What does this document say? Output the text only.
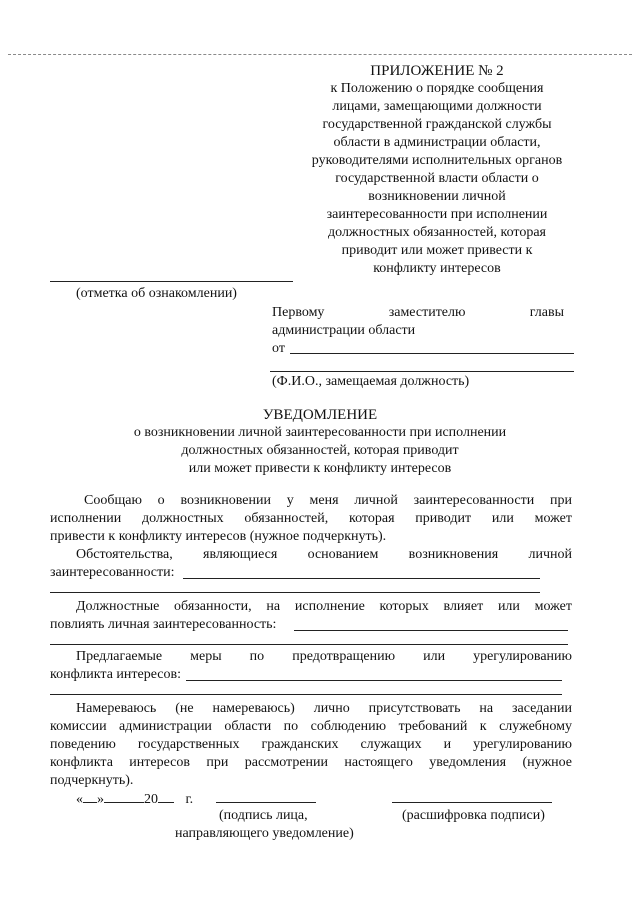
ПРИЛОЖЕНИЕ № 2
к Положению о порядке сообщения
лицами, замещающими должности
государственной гражданской службы
области в администрации области,
руководителями исполнительных органов
государственной власти области о
возникновении личной
заинтересованности при исполнении
должностных обязанностей, которая
приводит или может привести к
конфликту интересов
(отметка об ознакомлении)
Первому	заместителю	главы
администрации области
от
(Ф.И.О., замещаемая должность)
УВЕДОМЛЕНИЕ
о возникновении личной заинтересованности при исполнении
должностных обязанностей, которая приводит
или может привести к конфликту интересов
Сообщаю о возникновении у меня личной заинтересованности при
исполнении должностных обязанностей, которая приводит или может
привести к конфликту интересов (нужное подчеркнуть).
Обстоятельства, являющиеся основанием возникновения личной
заинтересованности:
Должностные обязанности, на исполнение которых влияет или может
повлиять личная заинтересованность:
Предлагаемые меры по предотвращению или урегулированию
конфликта интересов:
Намереваюсь (не намереваюсь) лично присутствовать на заседании
комиссии администрации области по соблюдению требований к служебному
поведению государственных гражданских служащих и урегулированию
конфликта интересов при рассмотрении настоящего уведомления (нужное
подчеркнуть).
« »	20 г.
(подпись лица,	(расшифровка подписи)
направляющего уведомление)
